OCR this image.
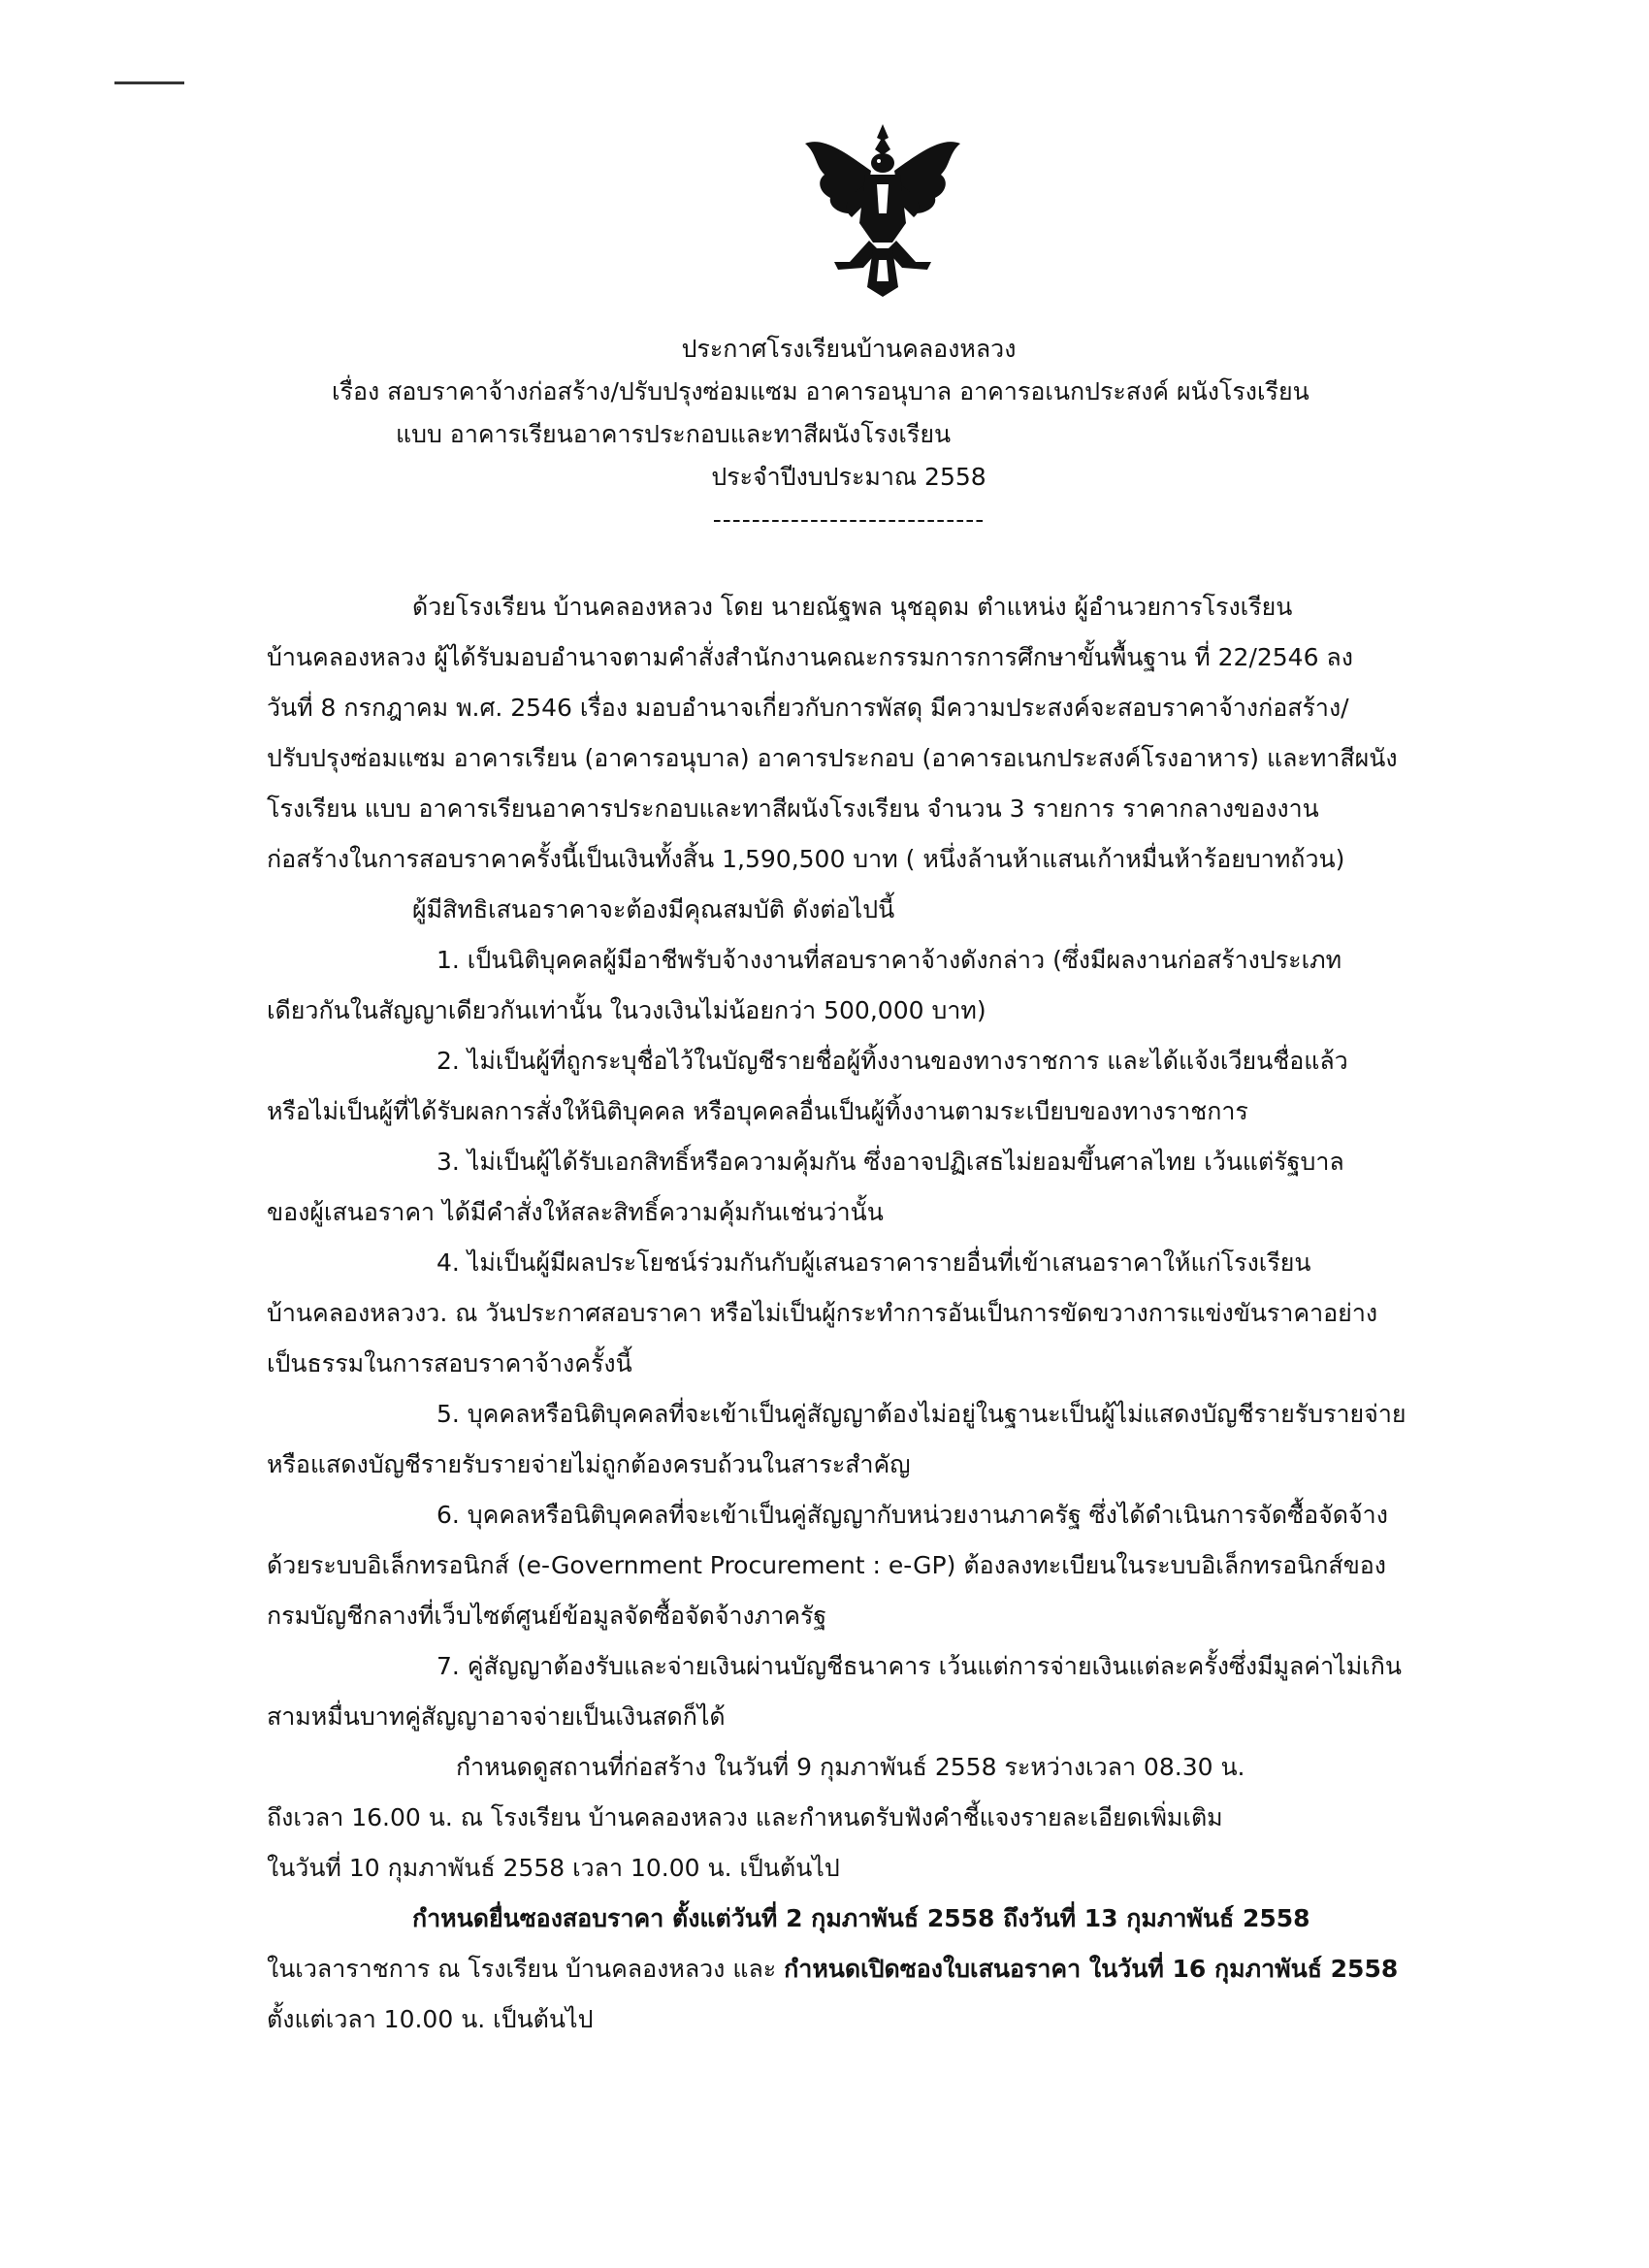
ประกาศโรงเรียนบ้านคลองหลวง
เรื่อง สอบราคาจ้างก่อสร้าง/ปรับปรุงซ่อมแซม อาคารอนุบาล อาคารอเนกประสงค์ ผนังโรงเรียน
แบบ อาคารเรียนอาคารประกอบและทาสีผนังโรงเรียน
ประจำปีงบประมาณ 2558
----------------------------

ด้วยโรงเรียน บ้านคลองหลวง โดย นายณัฐพล นุชอุดม ตำแหน่ง ผู้อำนวยการโรงเรียน

บ้านคลองหลวง ผู้ได้รับมอบอำนาจตามคำสั่งสำนักงานคณะกรรมการการศึกษาขั้นพื้นฐาน ที่ 22/2546 ลง

วันที่ 8 กรกฎาคม พ.ศ. 2546 เรื่อง มอบอำนาจเกี่ยวกับการพัสดุ มีความประสงค์จะสอบราคาจ้างก่อสร้าง/

ปรับปรุงซ่อมแซม อาคารเรียน (อาคารอนุบาล) อาคารประกอบ (อาคารอเนกประสงค์โรงอาหาร) และทาสีผนัง

โรงเรียน แบบ อาคารเรียนอาคารประกอบและทาสีผนังโรงเรียน จำนวน 3 รายการ ราคากลางของงาน

ก่อสร้างในการสอบราคาครั้งนี้เป็นเงินทั้งสิ้น 1,590,500 บาท ( หนึ่งล้านห้าแสนเก้าหมื่นห้าร้อยบาทถ้วน)

ผู้มีสิทธิเสนอราคาจะต้องมีคุณสมบัติ ดังต่อไปนี้

1. เป็นนิติบุคคลผู้มีอาชีพรับจ้างงานที่สอบราคาจ้างดังกล่าว (ซึ่งมีผลงานก่อสร้างประเภท

เดียวกันในสัญญาเดียวกันเท่านั้น ในวงเงินไม่น้อยกว่า 500,000 บาท)

2. ไม่เป็นผู้ที่ถูกระบุชื่อไว้ในบัญชีรายชื่อผู้ทิ้งงานของทางราชการ และได้แจ้งเวียนชื่อแล้ว

หรือไม่เป็นผู้ที่ได้รับผลการสั่งให้นิติบุคคล หรือบุคคลอื่นเป็นผู้ทิ้งงานตามระเบียบของทางราชการ

3. ไม่เป็นผู้ได้รับเอกสิทธิ์หรือความคุ้มกัน ซึ่งอาจปฏิเสธไม่ยอมขึ้นศาลไทย เว้นแต่รัฐบาล

ของผู้เสนอราคา ได้มีคำสั่งให้สละสิทธิ์ความคุ้มกันเช่นว่านั้น

4. ไม่เป็นผู้มีผลประโยชน์ร่วมกันกับผู้เสนอราคารายอื่นที่เข้าเสนอราคาให้แก่โรงเรียน

บ้านคลองหลวงว. ณ วันประกาศสอบราคา หรือไม่เป็นผู้กระทำการอันเป็นการขัดขวางการแข่งขันราคาอย่าง

เป็นธรรมในการสอบราคาจ้างครั้งนี้

5. บุคคลหรือนิติบุคคลที่จะเข้าเป็นคู่สัญญาต้องไม่อยู่ในฐานะเป็นผู้ไม่แสดงบัญชีรายรับรายจ่าย

หรือแสดงบัญชีรายรับรายจ่ายไม่ถูกต้องครบถ้วนในสาระสำคัญ

6. บุคคลหรือนิติบุคคลที่จะเข้าเป็นคู่สัญญากับหน่วยงานภาครัฐ ซึ่งได้ดำเนินการจัดซื้อจัดจ้าง

ด้วยระบบอิเล็กทรอนิกส์ (e-Government Procurement : e-GP) ต้องลงทะเบียนในระบบอิเล็กทรอนิกส์ของ

กรมบัญชีกลางที่เว็บไซต์ศูนย์ข้อมูลจัดซื้อจัดจ้างภาครัฐ

7. คู่สัญญาต้องรับและจ่ายเงินผ่านบัญชีธนาคาร เว้นแต่การจ่ายเงินแต่ละครั้งซึ่งมีมูลค่าไม่เกิน

สามหมื่นบาทคู่สัญญาอาจจ่ายเป็นเงินสดก็ได้

กำหนดดูสถานที่ก่อสร้าง ในวันที่ 9 กุมภาพันธ์ 2558 ระหว่างเวลา 08.30 น.

ถึงเวลา 16.00 น. ณ โรงเรียน บ้านคลองหลวง และกำหนดรับฟังคำชี้แจงรายละเอียดเพิ่มเติม

ในวันที่ 10 กุมภาพันธ์ 2558 เวลา 10.00 น. เป็นต้นไป

กำหนดยื่นซองสอบราคา ตั้งแต่วันที่ 2 กุมภาพันธ์ 2558 ถึงวันที่ 13 กุมภาพันธ์ 2558

ในเวลาราชการ ณ โรงเรียน บ้านคลองหลวง และ กำหนดเปิดซองใบเสนอราคา ในวันที่ 16 กุมภาพันธ์ 2558

ตั้งแต่เวลา 10.00 น. เป็นต้นไป
